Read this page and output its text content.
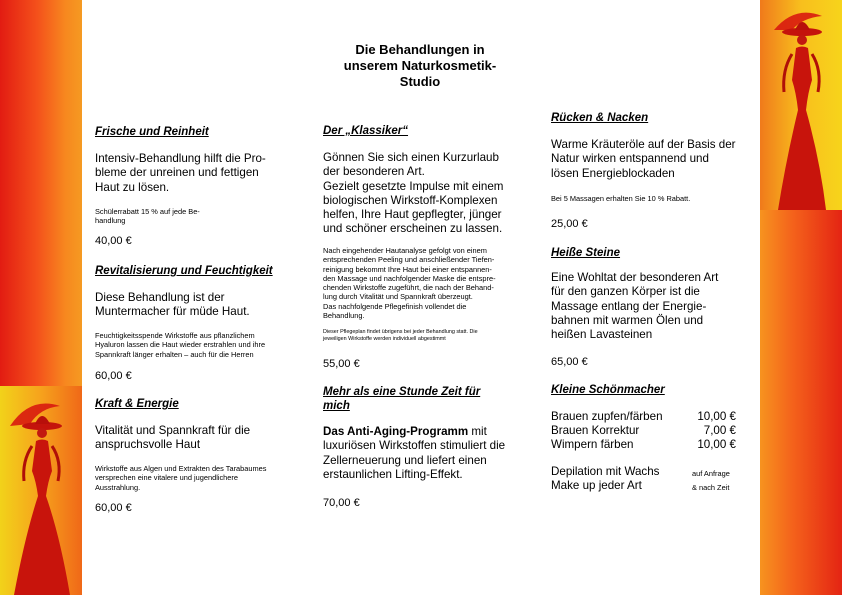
Die Behandlungen in
unserem Naturkosmetik-
Studio
Frische und Reinheit
Intensiv-Behandlung hilft die Pro-
bleme der unreinen und fettigen
Haut zu lösen.
Schülerrabatt 15 % auf jede Be-
handlung
40,00 €
Revitalisierung und Feuchtigkeit
Diese Behandlung ist der
Muntermacher für müde Haut.
Feuchtigkeitsspende Wirkstoffe aus pflanzlichem
Hyaluron lassen die Haut wieder erstrahlen und ihre
Spannkraft länger erhalten – auch für die Herren
60,00 €
Kraft & Energie
Vitalität und Spannkraft für die
anspruchsvolle Haut
Wirkstoffe aus Algen und Extrakten des Tarabaumes
versprechen eine vitalere und jugendlichere
Ausstrahlung.
60,00 €
Der „Klassiker“
Gönnen Sie sich einen Kurzurlaub
der besonderen Art.
Gezielt gesetzte Impulse mit einem
biologischen Wirkstoff-Komplexen
helfen, Ihre Haut gepflegter, jünger
und schöner erscheinen zu lassen.
Nach eingehender Hautanalyse gefolgt von einem
entsprechenden Peeling und anschließender Tiefen-
reinigung bekommt Ihre Haut bei einer entspannen-
den Massage und nachfolgender Maske die entspre-
chenden Wirkstoffe zugeführt, die nach der Behand-
lung durch Vitalität und Spannkraft überzeugt.
Das nachfolgende Pflegefinish vollendet die
Behandlung.
Dieser Pflegeplan findet übrigens bei jeder Behandlung statt. Die
jeweiligen Wirkstoffe werden individuell abgestimmt
55,00 €
Mehr als eine Stunde Zeit für
mich
Das Anti-Aging-Programm mit
luxuriösen Wirkstoffen stimuliert die
Zellerneuerung und liefert einen
erstaunlichen Lifting-Effekt.
70,00 €
Rücken & Nacken
Warme Kräuteröle auf der Basis der
Natur wirken entspannend und
lösen Energieblockaden
Bei 5 Massagen erhalten Sie 10 % Rabatt.
25,00 €
Heiße Steine
Eine Wohltat der besonderen Art
für den ganzen Körper ist die
Massage entlang der Energie-
bahnen mit warmen Ölen und
heißen Lavasteinen
65,00 €
Kleine Schönmacher
Brauen zupfen/färben	10,00 €
Brauen Korrektur	7,00 €
Wimpern färben	10,00 €
Depilation mit Wachs	auf Anfrage
Make up jeder Art	& nach Zeit
